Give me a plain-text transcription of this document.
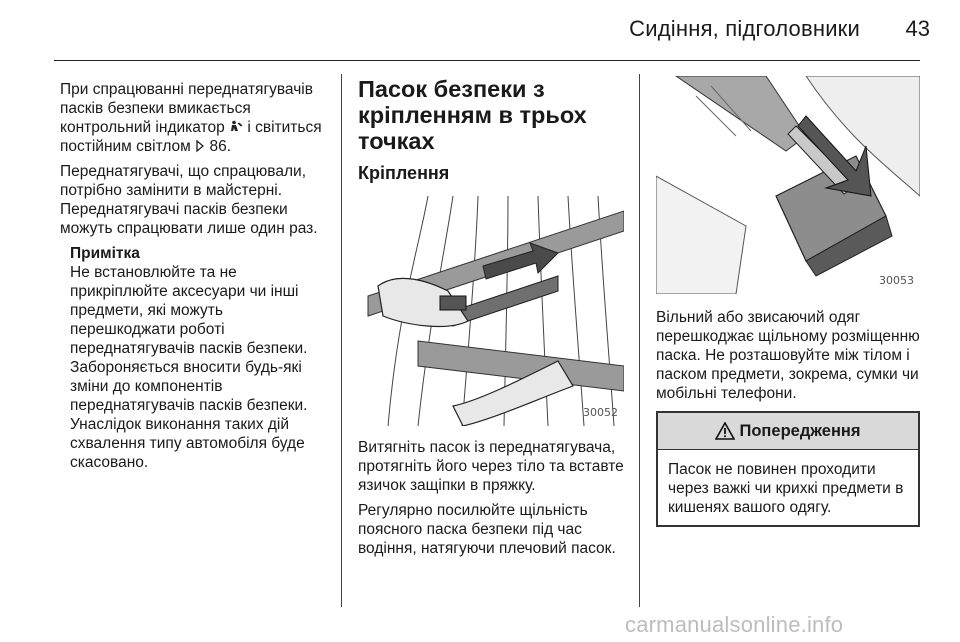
Сидіння, підголовники	43

При спрацюванні переднатягувачів пасків безпеки вмикається контрольний індикатор і світиться постійним світлом 86.

Переднатягувачі, що спрацювали, потрібно замінити в майстерні. Переднатягувачі пасків безпеки можуть спрацювати лише один раз.

Примітка
Не встановлюйте та не прикріплюйте аксесуари чи інші предмети, які можуть перешкоджати роботі переднатягувачів пасків безпеки. Забороняється вносити будь-які зміни до компонентів переднатягувачів пасків безпеки. Унаслідок виконання таких дій схвалення типу автомобіля буде скасовано.
Пасок безпеки з кріпленням в трьох точках
Кріплення
30052

Витягніть пасок із переднатягувача, протягніть його через тіло та вставте язичок защіпки в пряжку.

Регулярно посилюйте щільність поясного паска безпеки під час водіння, натягуючи плечовий пасок.

30053

Вільний або звисаючий одяг перешкоджає щільному розміщенню паска. Не розташовуйте між тілом і паском предмети, зокрема, сумки чи мобільні телефони.

Попередження
Пасок не повинен проходити через важкі чи крихкі предмети в кишенях вашого одягу.
carmanualsonline.info
